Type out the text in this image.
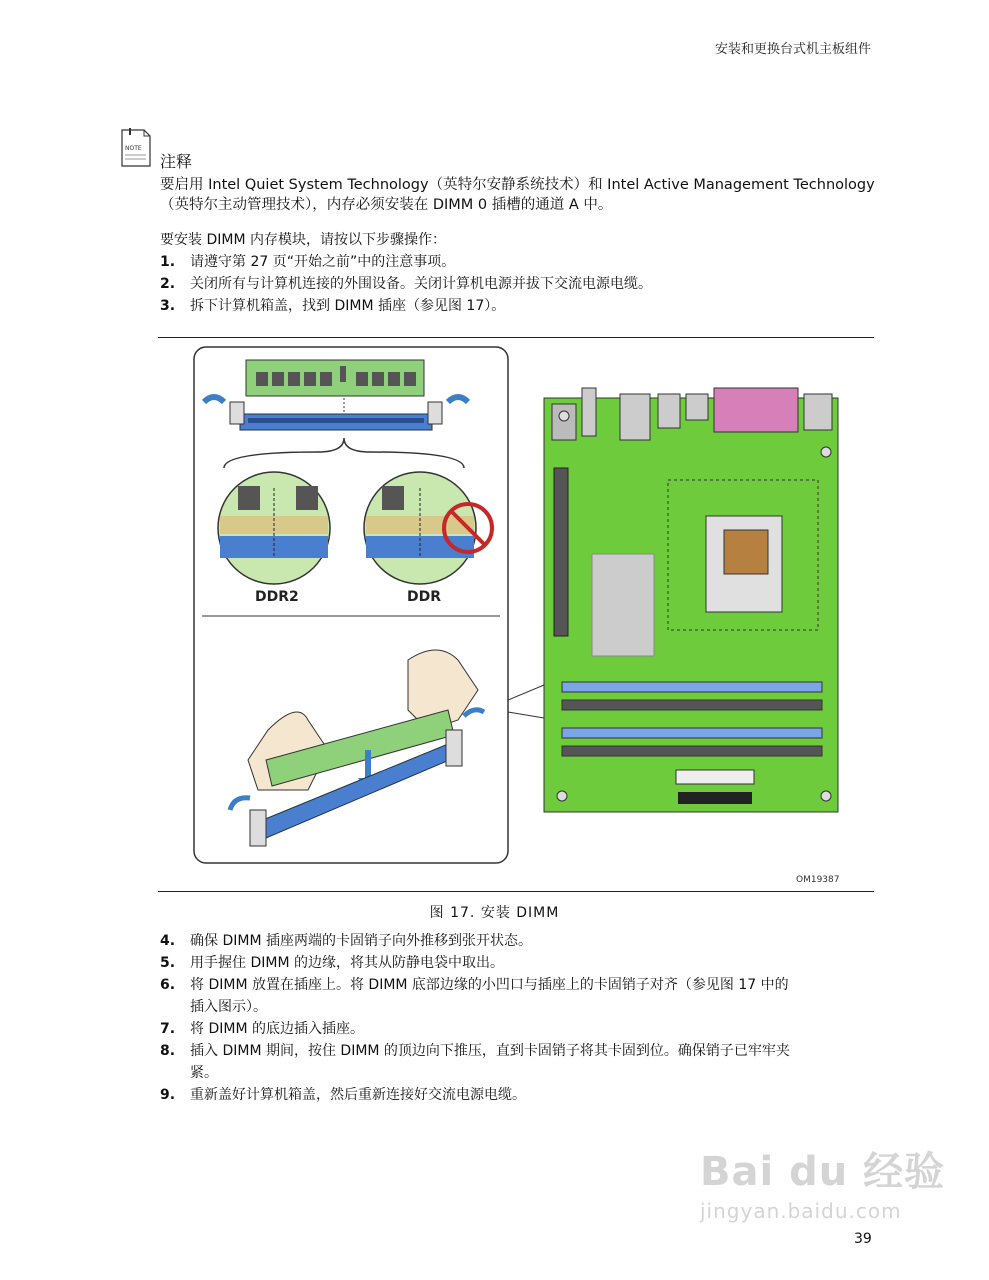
安装和更换台式机主板组件
NOTE
注释
要启用 Intel Quiet System Technology（英特尔安静系统技术）和 Intel Active Management Technology（英特尔主动管理技术），内存必须安装在 DIMM 0 插槽的通道 A 中。
要安装 DIMM 内存模块，请按以下步骤操作：
1. 请遵守第 27 页“开始之前”中的注意事项。
2. 关闭所有与计算机连接的外围设备。关闭计算机电源并拔下交流电源电缆。
3. 拆下计算机箱盖，找到 DIMM 插座（参见图 17）。
DDR2	DDR
OM19387
图 17. 安装 DIMM
4. 确保 DIMM 插座两端的卡固销子向外推移到张开状态。
5. 用手握住 DIMM 的边缘，将其从防静电袋中取出。
6. 将 DIMM 放置在插座上。将 DIMM 底部边缘的小凹口与插座上的卡固销子对齐（参见图 17 中的插入图示）。
7. 将 DIMM 的底边插入插座。
8. 插入 DIMM 期间，按住 DIMM 的顶边向下推压，直到卡固销子将其卡固到位。确保销子已牢牢夹紧。
9. 重新盖好计算机箱盖，然后重新连接好交流电源电缆。
Bai du 经验
jingyan.baidu.com
39
